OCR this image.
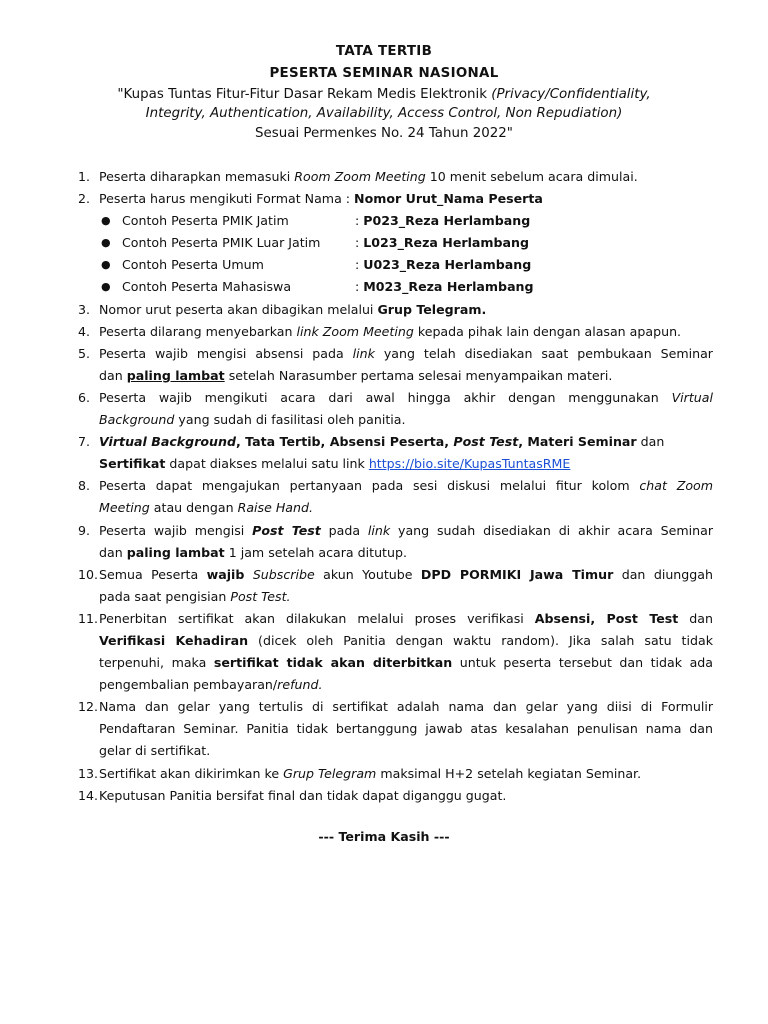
TATA TERTIB
PESERTA SEMINAR NASIONAL
"Kupas Tuntas Fitur-Fitur Dasar Rekam Medis Elektronik (Privacy/Confidentiality,
Integrity, Authentication, Availability, Access Control, Non Repudiation)
Sesuai Permenkes No. 24 Tahun 2022"
1. Peserta diharapkan memasuki Room Zoom Meeting 10 menit sebelum acara dimulai.
2. Peserta harus mengikuti Format Nama : Nomor Urut_Nama Peserta
● Contoh Peserta PMIK Jatim	: P023_Reza Herlambang
● Contoh Peserta PMIK Luar Jatim	: L023_Reza Herlambang
● Contoh Peserta Umum	: U023_Reza Herlambang
● Contoh Peserta Mahasiswa	: M023_Reza Herlambang
3. Nomor urut peserta akan dibagikan melalui Grup Telegram.
4. Peserta dilarang menyebarkan link Zoom Meeting kepada pihak lain dengan alasan apapun.
5. Peserta wajib mengisi absensi pada link yang telah disediakan saat pembukaan Seminar
dan paling lambat setelah Narasumber pertama selesai menyampaikan materi.
6. Peserta wajib mengikuti acara dari awal hingga akhir dengan menggunakan Virtual
Background yang sudah di fasilitasi oleh panitia.
7. Virtual Background, Tata Tertib, Absensi Peserta, Post Test, Materi Seminar dan
Sertifikat dapat diakses melalui satu link https://bio.site/KupasTuntasRME
8. Peserta dapat mengajukan pertanyaan pada sesi diskusi melalui fitur kolom chat Zoom
Meeting atau dengan Raise Hand.
9. Peserta wajib mengisi Post Test pada link yang sudah disediakan di akhir acara Seminar
dan paling lambat 1 jam setelah acara ditutup.
10. Semua Peserta wajib Subscribe akun Youtube DPD PORMIKI Jawa Timur dan diunggah
pada saat pengisian Post Test.
11. Penerbitan sertifikat akan dilakukan melalui proses verifikasi Absensi, Post Test dan
Verifikasi Kehadiran (dicek oleh Panitia dengan waktu random). Jika salah satu tidak
terpenuhi, maka sertifikat tidak akan diterbitkan untuk peserta tersebut dan tidak ada
pengembalian pembayaran/refund.
12. Nama dan gelar yang tertulis di sertifikat adalah nama dan gelar yang diisi di Formulir
Pendaftaran Seminar. Panitia tidak bertanggung jawab atas kesalahan penulisan nama dan
gelar di sertifikat.
13. Sertifikat akan dikirimkan ke Grup Telegram maksimal H+2 setelah kegiatan Seminar.
14. Keputusan Panitia bersifat final dan tidak dapat diganggu gugat.
--- Terima Kasih ---
